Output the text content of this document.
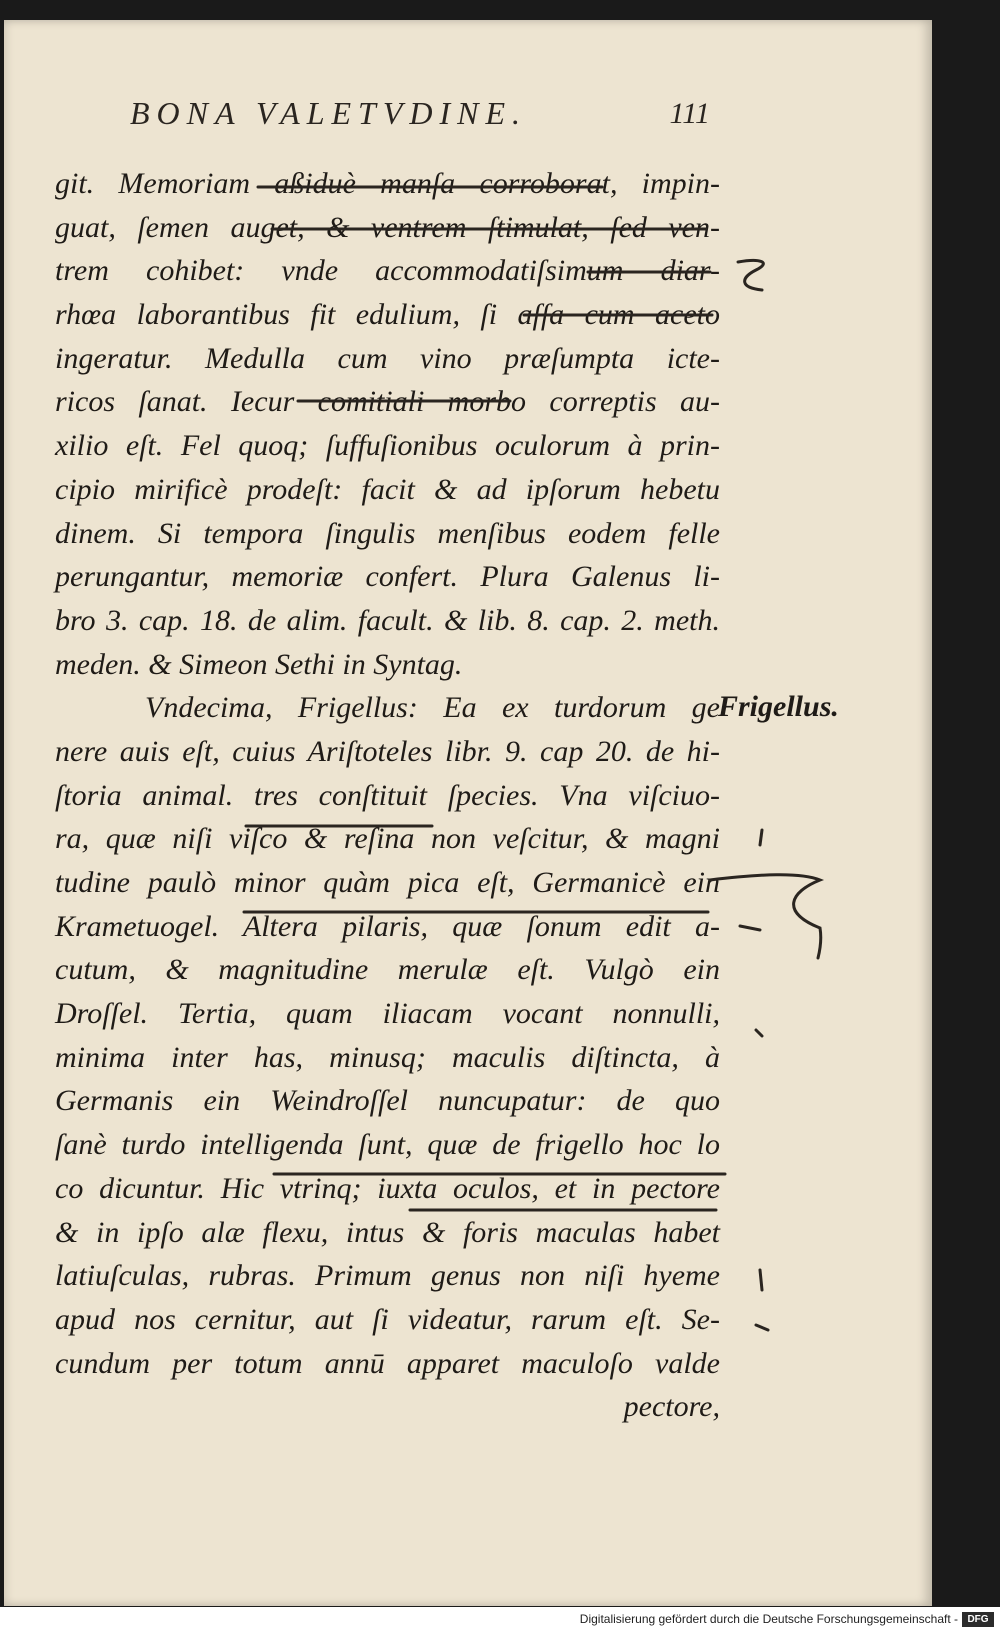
BONA VALETVDINE.	111
git. Memoriam aßiduè manſa corroborat, impin-
guat, ſemen auget, & ventrem ſtimulat, ſed ven-
trem cohibet: vnde accommodatiſsimum diar-
rhœa laborantibus fit edulium, ſi aſſa cum aceto
ingeratur. Medulla cum vino præſumpta icte-
ricos ſanat. Iecur comitiali morbo correptis au-
xilio eſt. Fel quoq; ſuffuſionibus oculorum à prin-
cipio mirificè prodeſt: facit & ad ipſorum hebetu
dinem. Si tempora ſingulis menſibus eodem felle
perungantur, memoriæ confert. Plura Galenus li-
bro 3. cap. 18. de alim. facult. & lib. 8. cap. 2. meth.
meden. & Simeon Sethi in Syntag.
Vndecima, Frigellus: Ea ex turdorum ge
nere auis eſt, cuius Ariſtoteles libr. 9. cap 20. de hi-
ſtoria animal. tres conſtituit ſpecies. Vna viſciuo-
ra, quæ niſi viſco & reſina non veſcitur, & magni
tudine paulò minor quàm pica eſt, Germanicè ein
Krametuogel. Altera pilaris, quæ ſonum edit a-
cutum, & magnitudine merulæ eſt. Vulgò ein
Droſſel. Tertia, quam iliacam vocant nonnulli,
minima inter has, minusq; maculis diſtincta, à
Germanis ein Weindroſſel nuncupatur: de quo
ſanè turdo intelligenda ſunt, quæ de frigello hoc lo
co dicuntur. Hic vtrinq; iuxta oculos, et in pectore
& in ipſo alæ flexu, intus & foris maculas habet
latiuſculas, rubras. Primum genus non niſi hyeme
apud nos cernitur, aut ſi videatur, rarum eſt. Se-
cundum per totum annū apparet maculoſo valde
pectore,
Frigellus.
Digitalisierung gefördert durch die Deutsche Forschungsgemeinschaft - DFG
